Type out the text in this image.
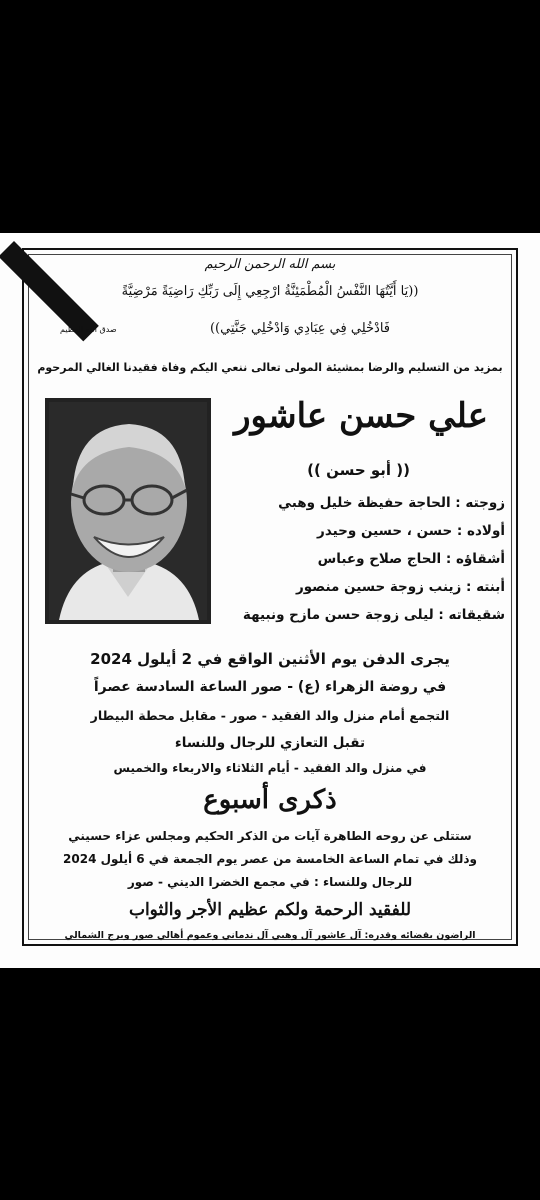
بسم الله الرحمن الرحيم
((يَا أَيَّتُهَا النَّفْسُ الْمُطْمَئِنَّةُ ارْجِعِي إِلَى رَبِّكِ رَاضِيَةً مَرْضِيَّةً
فَادْخُلِي فِي عِبَادِي وَادْخُلِي جَنَّتِي))
صدق الله العظيم
بمزيد من التسليم والرضا بمشيئة المولى تعالى ننعي اليكم وفاة فقيدنا الغالي المرحوم
علي حسن عاشور
(( أبو حسن ))
زوجته : الحاجة حفيظة خليل وهبي
أولاده : حسن ، حسين وحيدر
أشقاؤه : الحاج صلاح وعباس
أبنته : زينب زوجة حسين منصور
شقيقاته : ليلى زوجة حسن مازح ونبيهة
يجرى الدفن يوم الأثنين الواقع في 2 أيلول 2024
في روضة الزهراء (ع) - صور الساعة السادسة عصراً
التجمع أمام منزل والد الفقيد - صور - مقابل محطة البيطار
تقبل التعازي للرجال وللنساء
في منزل والد الفقيد - أيام الثلاثاء والاربعاء والخميس
ذكرى أسبوع
ستتلى عن روحه الطاهرة آيات من الذكر الحكيم ومجلس عزاء حسيني
وذلك في تمام الساعة الخامسة من عصر يوم الجمعة في 6 أيلول 2024
للرجال وللنساء : في مجمع الخضرا الديني - صور
للفقيد الرحمة ولكم عظيم الأجر والثواب
الراضون بقضائه وقدره: آل عاشور آل وهبي آل ندماني وعموم أهالي صور وبرج الشمالي
